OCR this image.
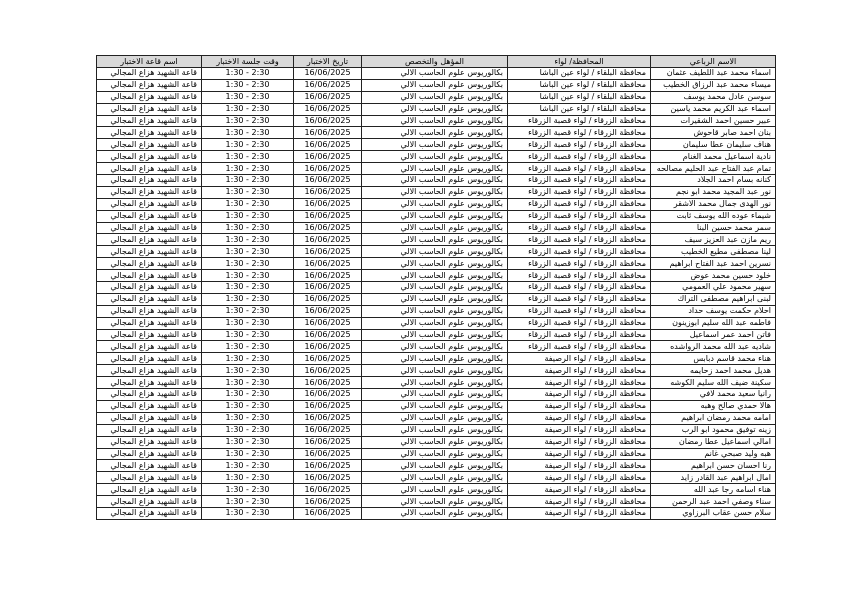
الاسم الرباعي	المحافظة/ لواء	المؤهل والتخصص	تاريخ الاختبار	وقت جلسة الاختبار	اسم قاعة الاختبار
اسماء محمد عبد اللطيف عثمان	محافظة البلقاء / لواء عين الباشا	بكالوريوس علوم الحاسب الالي	16/06/2025	1:30 - 2:30	قاعة الشهيد هزاع المجالي
ميساء محمد عبد الرزاق الخطيب	محافظة البلقاء / لواء عين الباشا	بكالوريوس علوم الحاسب الالي	16/06/2025	1:30 - 2:30	قاعة الشهيد هزاع المجالي
سوسن عادل محمد يوسف	محافظة البلقاء / لواء عين الباشا	بكالوريوس علوم الحاسب الالي	16/06/2025	1:30 - 2:30	قاعة الشهيد هزاع المجالي
اسماء عبد الكريم محمد ياسين	محافظة البلقاء / لواء عين الباشا	بكالوريوس علوم الحاسب الالي	16/06/2025	1:30 - 2:30	قاعة الشهيد هزاع المجالي
عبير حسين احمد الشقيرات	محافظة الزرقاء / لواء قصبة الزرقاء	بكالوريوس علوم الحاسب الالي	16/06/2025	1:30 - 2:30	قاعة الشهيد هزاع المجالي
بنان احمد صابر قاحوش	محافظة الزرقاء / لواء قصبة الزرقاء	بكالوريوس علوم الحاسب الالي	16/06/2025	1:30 - 2:30	قاعة الشهيد هزاع المجالي
هناف سليمان عطا سليمان	محافظة الزرقاء / لواء قصبة الزرقاء	بكالوريوس علوم الحاسب الالي	16/06/2025	1:30 - 2:30	قاعة الشهيد هزاع المجالي
نادية اسماعيل محمد الغنام	محافظة الزرقاء / لواء قصبة الزرقاء	بكالوريوس علوم الحاسب الالي	16/06/2025	1:30 - 2:30	قاعة الشهيد هزاع المجالي
تمام عبد الفتاح عبد الحليم مصالحه	محافظة الزرقاء / لواء قصبة الزرقاء	بكالوريوس علوم الحاسب الالي	16/06/2025	1:30 - 2:30	قاعة الشهيد هزاع المجالي
كنانه بسام احمد الجلاد	محافظة الزرقاء / لواء قصبة الزرقاء	بكالوريوس علوم الحاسب الالي	16/06/2025	1:30 - 2:30	قاعة الشهيد هزاع المجالي
نور عبد المجيد محمد ابو نجم	محافظة الزرقاء / لواء قصبة الزرقاء	بكالوريوس علوم الحاسب الالي	16/06/2025	1:30 - 2:30	قاعة الشهيد هزاع المجالي
نور الهدى جمال محمد الاشقر	محافظة الزرقاء / لواء قصبة الزرقاء	بكالوريوس علوم الحاسب الالي	16/06/2025	1:30 - 2:30	قاعة الشهيد هزاع المجالي
شيماء عوده الله يوسف ثابت	محافظة الزرقاء / لواء قصبة الزرقاء	بكالوريوس علوم الحاسب الالي	16/06/2025	1:30 - 2:30	قاعة الشهيد هزاع المجالي
سمر محمد حسين البنا	محافظة الزرقاء / لواء قصبة الزرقاء	بكالوريوس علوم الحاسب الالي	16/06/2025	1:30 - 2:30	قاعة الشهيد هزاع المجالي
ريم مازن عبد العزيز سيف	محافظة الزرقاء / لواء قصبة الزرقاء	بكالوريوس علوم الحاسب الالي	16/06/2025	1:30 - 2:30	قاعة الشهيد هزاع المجالي
لينا مصطفى مطيع الخطيب	محافظة الزرقاء / لواء قصبة الزرقاء	بكالوريوس علوم الحاسب الالي	16/06/2025	1:30 - 2:30	قاعة الشهيد هزاع المجالي
نسرين احمد عبد الفتاح ابراهيم	محافظة الزرقاء / لواء قصبة الزرقاء	بكالوريوس علوم الحاسب الالي	16/06/2025	1:30 - 2:30	قاعة الشهيد هزاع المجالي
خلود حسين محمد عوض	محافظة الزرقاء / لواء قصبة الزرقاء	بكالوريوس علوم الحاسب الالي	16/06/2025	1:30 - 2:30	قاعة الشهيد هزاع المجالي
سهير محمود علي العمومي	محافظة الزرقاء / لواء قصبة الزرقاء	بكالوريوس علوم الحاسب الالي	16/06/2025	1:30 - 2:30	قاعة الشهيد هزاع المجالي
لبنى ابراهيم مصطفى التراك	محافظة الزرقاء / لواء قصبة الزرقاء	بكالوريوس علوم الحاسب الالي	16/06/2025	1:30 - 2:30	قاعة الشهيد هزاع المجالي
احلام حكمت يوسف حداد	محافظة الزرقاء / لواء قصبة الزرقاء	بكالوريوس علوم الحاسب الالي	16/06/2025	1:30 - 2:30	قاعة الشهيد هزاع المجالي
فاطمه عبد الله سليم ابوزينون	محافظة الزرقاء / لواء قصبة الزرقاء	بكالوريوس علوم الحاسب الالي	16/06/2025	1:30 - 2:30	قاعة الشهيد هزاع المجالي
فاتن احمد عمر اسماعيل	محافظة الزرقاء / لواء قصبة الزرقاء	بكالوريوس علوم الحاسب الالي	16/06/2025	1:30 - 2:30	قاعة الشهيد هزاع المجالي
شاديه عبد الله محمد الرواشده	محافظة الزرقاء / لواء قصبة الزرقاء	بكالوريوس علوم الحاسب الالي	16/06/2025	1:30 - 2:30	قاعة الشهيد هزاع المجالي
هناء محمد قاسم دبابس	محافظة الزرقاء / لواء الرصيفة	بكالوريوس علوم الحاسب الالي	16/06/2025	1:30 - 2:30	قاعة الشهيد هزاع المجالي
هديل محمد احمد زحايمه	محافظة الزرقاء / لواء الرصيفة	بكالوريوس علوم الحاسب الالي	16/06/2025	1:30 - 2:30	قاعة الشهيد هزاع المجالي
سكينة ضيف الله سليم الكوشه	محافظة الزرقاء / لواء الرصيفة	بكالوريوس علوم الحاسب الالي	16/06/2025	1:30 - 2:30	قاعة الشهيد هزاع المجالي
رانيا سعيد محمد لافي	محافظة الزرقاء / لواء الرصيفة	بكالوريوس علوم الحاسب الالي	16/06/2025	1:30 - 2:30	قاعة الشهيد هزاع المجالي
هالا حمدي صالح وهبه	محافظة الزرقاء / لواء الرصيفة	بكالوريوس علوم الحاسب الالي	16/06/2025	1:30 - 2:30	قاعة الشهيد هزاع المجالي
امامه محمد رمضان ابراهيم	محافظة الزرقاء / لواء الرصيفة	بكالوريوس علوم الحاسب الالي	16/06/2025	1:30 - 2:30	قاعة الشهيد هزاع المجالي
زينه توفيق محمود ابو الرب	محافظة الزرقاء / لواء الرصيفة	بكالوريوس علوم الحاسب الالي	16/06/2025	1:30 - 2:30	قاعة الشهيد هزاع المجالي
امالي اسماعيل عطا رمضان	محافظة الزرقاء / لواء الرصيفة	بكالوريوس علوم الحاسب الالي	16/06/2025	1:30 - 2:30	قاعة الشهيد هزاع المجالي
هبه وليد صبحي غانم	محافظة الزرقاء / لواء الرصيفة	بكالوريوس علوم الحاسب الالي	16/06/2025	1:30 - 2:30	قاعة الشهيد هزاع المجالي
رنا احسان حسن ابراهيم	محافظة الزرقاء / لواء الرصيفة	بكالوريوس علوم الحاسب الالي	16/06/2025	1:30 - 2:30	قاعة الشهيد هزاع المجالي
امال ابراهيم عبد القادر زايد	محافظة الزرقاء / لواء الرصيفة	بكالوريوس علوم الحاسب الالي	16/06/2025	1:30 - 2:30	قاعة الشهيد هزاع المجالي
هناء اسامه رجا عبد الله	محافظة الزرقاء / لواء الرصيفة	بكالوريوس علوم الحاسب الالي	16/06/2025	1:30 - 2:30	قاعة الشهيد هزاع المجالي
سناء وصفي احمد عبد الرحمن	محافظة الزرقاء / لواء الرصيفة	بكالوريوس علوم الحاسب الالي	16/06/2025	1:30 - 2:30	قاعة الشهيد هزاع المجالي
سلام حسن عقاب البرزاوي	محافظة الزرقاء / لواء الرصيفة	بكالوريوس علوم الحاسب الالي	16/06/2025	1:30 - 2:30	قاعة الشهيد هزاع المجالي
